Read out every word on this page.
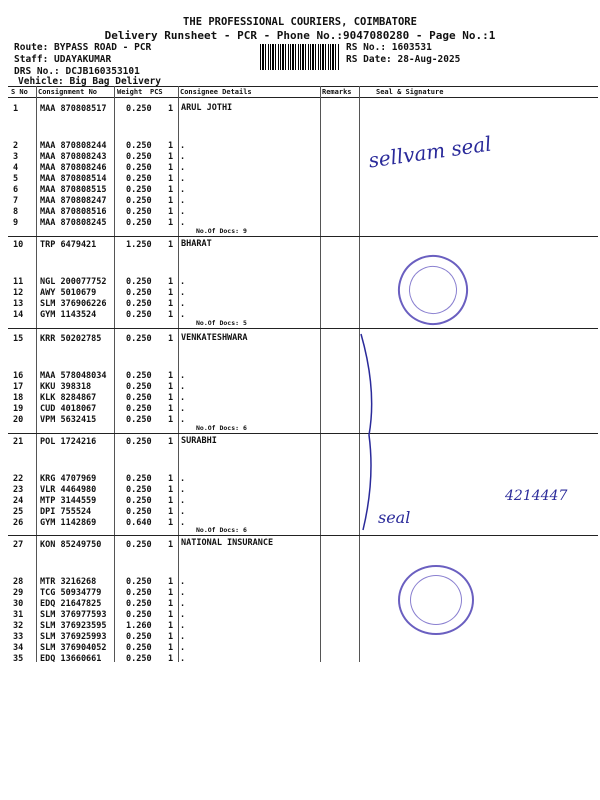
THE PROFESSIONAL COURIERS, COIMBATORE
Delivery Runsheet - PCR - Phone No.:9047080280 - Page No.:1
Route: BYPASS ROAD - PCR
Staff: UDAYAKUMAR
DRS No.: DCJB160353101
Vehicle: Big Bag Delivery
RS No.: 1603531
RS Date: 28-Aug-2025
S No Consignment No	Weight PCS Consignee Details	Remarks	Seal & Signature
1	MAA 870808517 0.250 1 ARUL JOTHI
2	MAA 870808244 0.250 1 .
3	MAA 870808243 0.250 1 .
4	MAA 870808246 0.250 1 .
5	MAA 870808514 0.250 1 .
6	MAA 870808515 0.250 1 .
7	MAA 870808247 0.250 1 .
8	MAA 870808516 0.250 1 .
9	MAA 870808245 0.250 1 .
No.Of Docs: 9
10 TRP 6479421	1.250 1 BHARAT
11 NGL 200077752 0.250 1 .
12 AWY 5010679	0.250 1 .
13 SLM 376906226 0.250 1 .
14 GYM 1143524	0.250 1 .
No.Of Docs: 5
15 KRR 50202785	0.250 1 VENKATESHWARA
16 MAA 578048034 0.250 1 .
17 KKU 398318	0.250 1 .
18 KLK 8284867	0.250 1 .
19 CUD 4018067	0.250 1 .
20 VPM 5632415	0.250 1 .
No.Of Docs: 6
21 POL 1724216	0.250 1 SURABHI
22 KRG 4707969	0.250 1 .
23 VLR 4464980	0.250 1 .
24 MTP 3144559	0.250 1 .
25 DPI 755524	0.250 1 .
26 GYM 1142869	0.640 1 .
No.Of Docs: 6
27 KON 85249750	0.250 1 NATIONAL INSURANCE
28 MTR 3216268	0.250 1 .
29 TCG 50934779	0.250 1 .
30 EDQ 21647825	0.250 1 .
31 SLM 376977593 0.250 1 .
32 SLM 376923595 1.260 1 .
33 SLM 376925993 0.250 1 .
34 SLM 376904052 0.250 1 .
35 EDQ 13660661	0.250 1 .
sellvam seal
4214447
seal
